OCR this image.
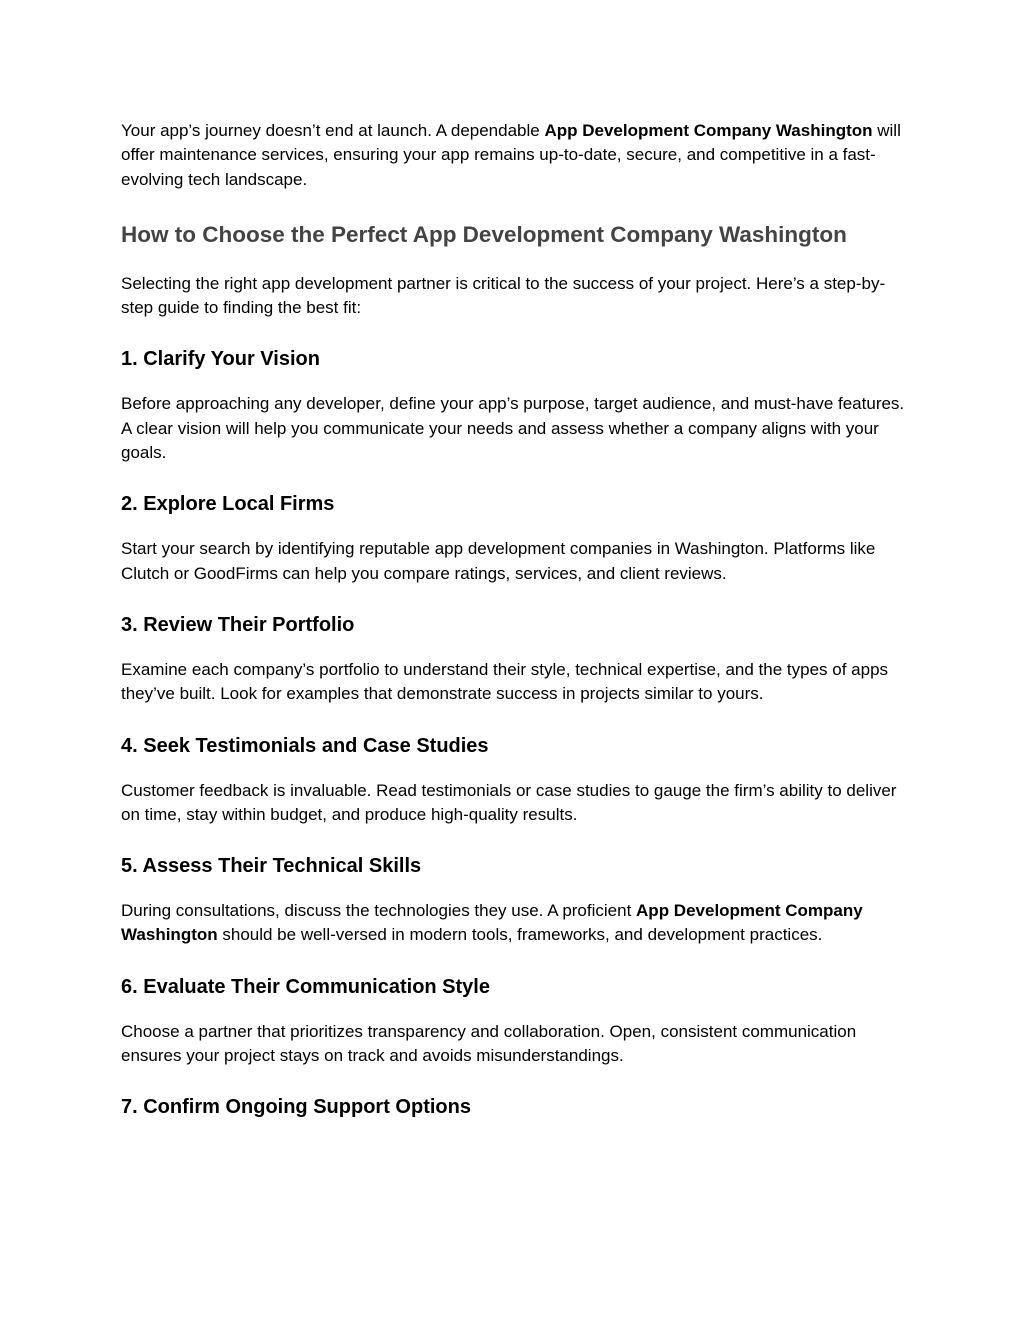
Your app’s journey doesn’t end at launch. A dependable App Development Company Washington will offer maintenance services, ensuring your app remains up-to-date, secure, and competitive in a fast-evolving tech landscape.

How to Choose the Perfect App Development Company Washington

Selecting the right app development partner is critical to the success of your project. Here’s a step-by-step guide to finding the best fit:

1. Clarify Your Vision

Before approaching any developer, define your app’s purpose, target audience, and must-have features. A clear vision will help you communicate your needs and assess whether a company aligns with your goals.

2. Explore Local Firms

Start your search by identifying reputable app development companies in Washington. Platforms like Clutch or GoodFirms can help you compare ratings, services, and client reviews.

3. Review Their Portfolio

Examine each company’s portfolio to understand their style, technical expertise, and the types of apps they’ve built. Look for examples that demonstrate success in projects similar to yours.

4. Seek Testimonials and Case Studies

Customer feedback is invaluable. Read testimonials or case studies to gauge the firm’s ability to deliver on time, stay within budget, and produce high-quality results.

5. Assess Their Technical Skills

During consultations, discuss the technologies they use. A proficient App Development Company Washington should be well-versed in modern tools, frameworks, and development practices.

6. Evaluate Their Communication Style

Choose a partner that prioritizes transparency and collaboration. Open, consistent communication ensures your project stays on track and avoids misunderstandings.

7. Confirm Ongoing Support Options
